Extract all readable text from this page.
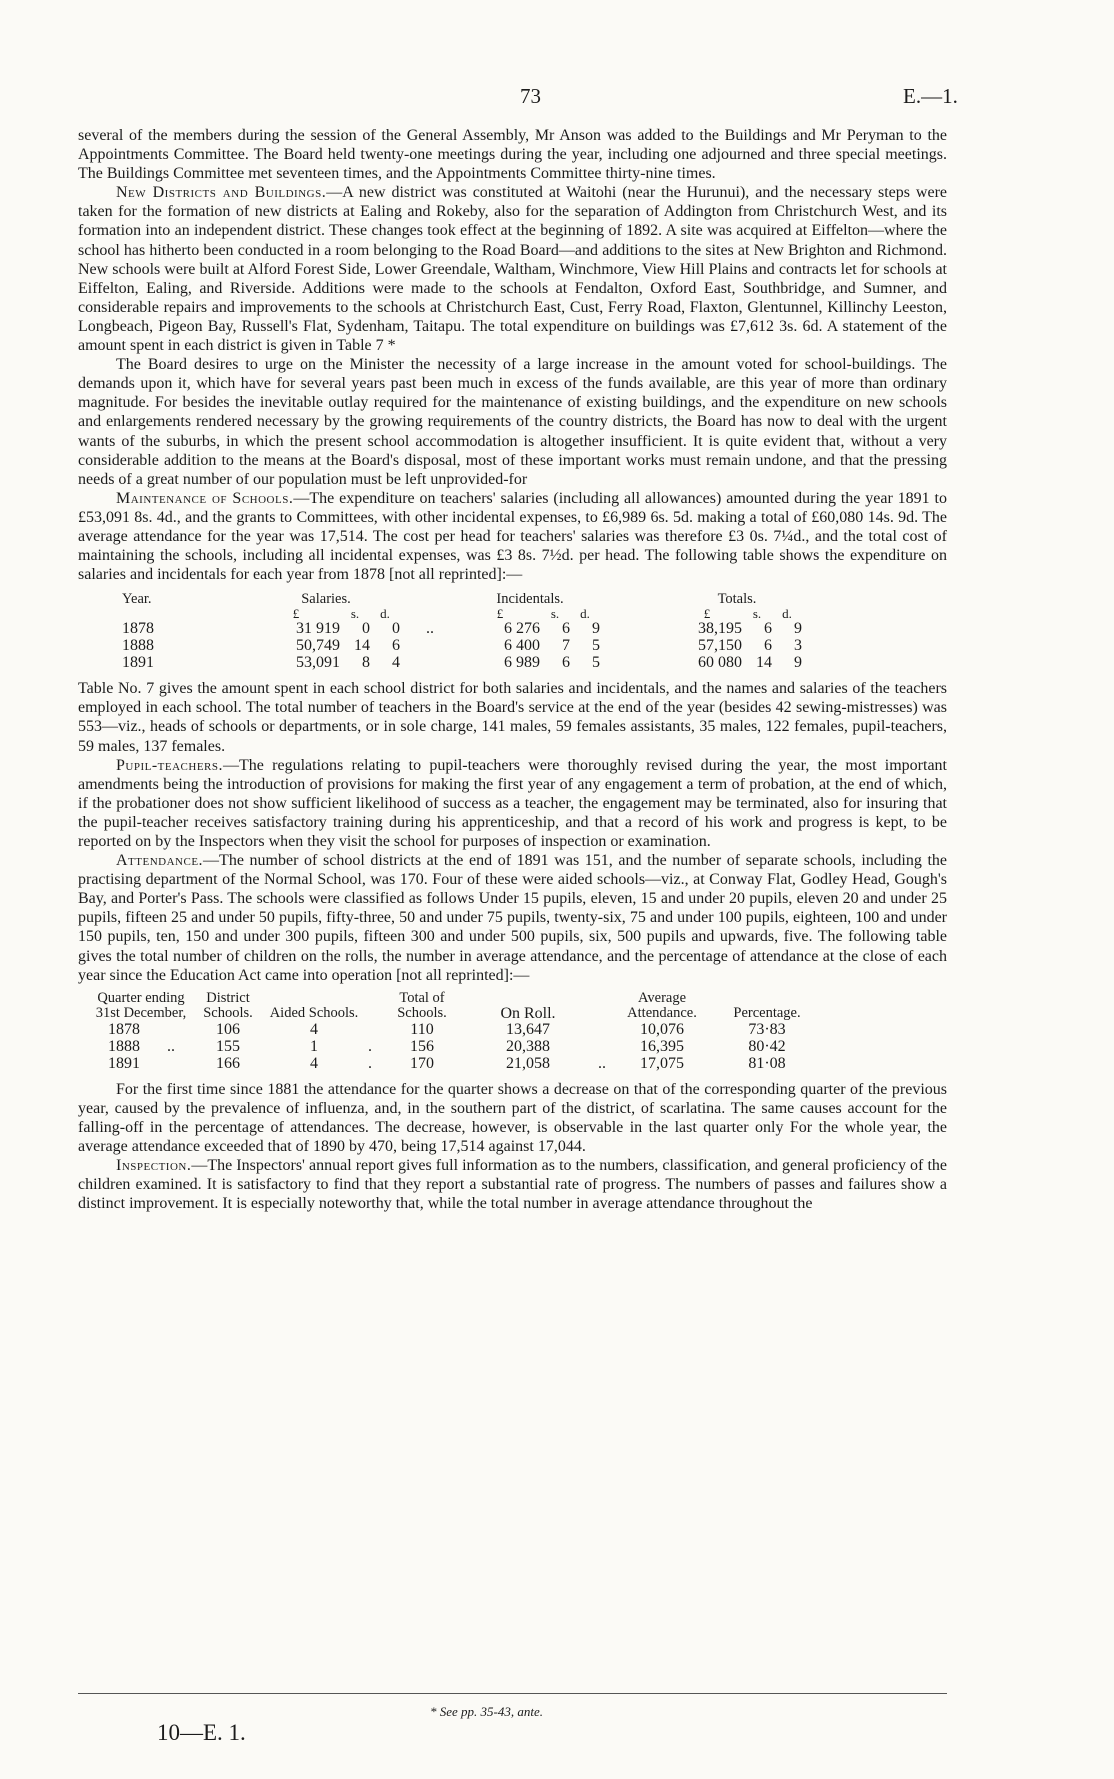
73	E.—1.

several of the members during the session of the General Assembly, Mr Anson was added to the Buildings and Mr Peryman to the Appointments Committee. The Board held twenty-one meetings during the year, including one adjourned and three special meetings. The Buildings Committee met seventeen times, and the Appointments Committee thirty-nine times.

New Districts and Buildings.—A new district was constituted at Waitohi (near the Hurunui), and the necessary steps were taken for the formation of new districts at Ealing and Rokeby, also for the separation of Addington from Christchurch West, and its formation into an independent district. These changes took effect at the beginning of 1892. A site was acquired at Eiffelton—where the school has hitherto been conducted in a room belonging to the Road Board—and additions to the sites at New Brighton and Richmond. New schools were built at Alford Forest Side, Lower Greendale, Waltham, Winchmore, View Hill Plains and contracts let for schools at Eiffelton, Ealing, and Riverside. Additions were made to the schools at Fendalton, Oxford East, Southbridge, and Sumner, and considerable repairs and improvements to the schools at Christchurch East, Cust, Ferry Road, Flaxton, Glentunnel, Killinchy Leeston, Longbeach, Pigeon Bay, Russell's Flat, Sydenham, Taitapu. The total expenditure on buildings was £7,612 3s. 6d. A statement of the amount spent in each district is given in Table 7 *

The Board desires to urge on the Minister the necessity of a large increase in the amount voted for school-buildings. The demands upon it, which have for several years past been much in excess of the funds available, are this year of more than ordinary magnitude. For besides the inevitable outlay required for the maintenance of existing buildings, and the expenditure on new schools and enlargements rendered necessary by the growing requirements of the country districts, the Board has now to deal with the urgent wants of the suburbs, in which the present school accommodation is altogether insufficient. It is quite evident that, without a very considerable addition to the means at the Board's disposal, most of these important works must remain undone, and that the pressing needs of a great number of our population must be left unprovided-for

Maintenance of Schools.—The expenditure on teachers' salaries (including all allowances) amounted during the year 1891 to £53,091 8s. 4d., and the grants to Committees, with other incidental expenses, to £6,989 6s. 5d. making a total of £60,080 14s. 9d. The average attendance for the year was 17,514. The cost per head for teachers' salaries was therefore £3 0s. 7¼d., and the total cost of maintaining the schools, including all incidental expenses, was £3 8s. 7½d. per head. The following table shows the expenditure on salaries and incidentals for each year from 1878 [not all reprinted]:—

Year.	Salaries.				Incidentals.				Totals.		
	£	s.	d.		£	s.	d.		£	s.	d.
1878	31 919	0	0	..	6 276	6	9		38,195	6	9
1888	50,749	14	6		6 400	7	5		57,150	6	3
1891	53,091	8	4		6 989	6	5		60 080	14	9

Table No. 7 gives the amount spent in each school district for both salaries and incidentals, and the names and salaries of the teachers employed in each school. The total number of teachers in the Board's service at the end of the year (besides 42 sewing-mistresses) was 553—viz., heads of schools or departments, or in sole charge, 141 males, 59 females assistants, 35 males, 122 females, pupil-teachers, 59 males, 137 females.

Pupil-teachers.—The regulations relating to pupil-teachers were thoroughly revised during the year, the most important amendments being the introduction of provisions for making the first year of any engagement a term of probation, at the end of which, if the probationer does not show sufficient likelihood of success as a teacher, the engagement may be terminated, also for insuring that the pupil-teacher receives satisfactory training during his apprenticeship, and that a record of his work and progress is kept, to be reported on by the Inspectors when they visit the school for purposes of inspection or examination.

Attendance.—The number of school districts at the end of 1891 was 151, and the number of separate schools, including the practising department of the Normal School, was 170. Four of these were aided schools—viz., at Conway Flat, Godley Head, Gough's Bay, and Porter's Pass. The schools were classified as follows Under 15 pupils, eleven, 15 and under 20 pupils, eleven 20 and under 25 pupils, fifteen 25 and under 50 pupils, fifty-three, 50 and under 75 pupils, twenty-six, 75 and under 100 pupils, eighteen, 100 and under 150 pupils, ten, 150 and under 300 pupils, fifteen 300 and under 500 pupils, six, 500 pupils and upwards, five. The following table gives the total number of children on the rolls, the number in average attendance, and the percentage of attendance at the close of each year since the Education Act came into operation [not all reprinted]:—

Quarter ending 31st December,		District Schools.	Aided Schools.		Total of Schools.	On Roll.		Average Attendance.	Percentage.
1878		106	4		110	13,647		10,076	73·83
1888	..	155	1	.	156	20,388		16,395	80·42
1891		166	4	.	170	21,058	..	17,075	81·08

For the first time since 1881 the attendance for the quarter shows a decrease on that of the corresponding quarter of the previous year, caused by the prevalence of influenza, and, in the southern part of the district, of scarlatina. The same causes account for the falling-off in the percentage of attendances. The decrease, however, is observable in the last quarter only For the whole year, the average attendance exceeded that of 1890 by 470, being 17,514 against 17,044.

Inspection.—The Inspectors' annual report gives full information as to the numbers, classification, and general proficiency of the children examined. It is satisfactory to find that they report a substantial rate of progress. The numbers of passes and failures show a distinct improvement. It is especially noteworthy that, while the total number in average attendance throughout the

* See pp. 35-43, ante.
10—E. 1.
